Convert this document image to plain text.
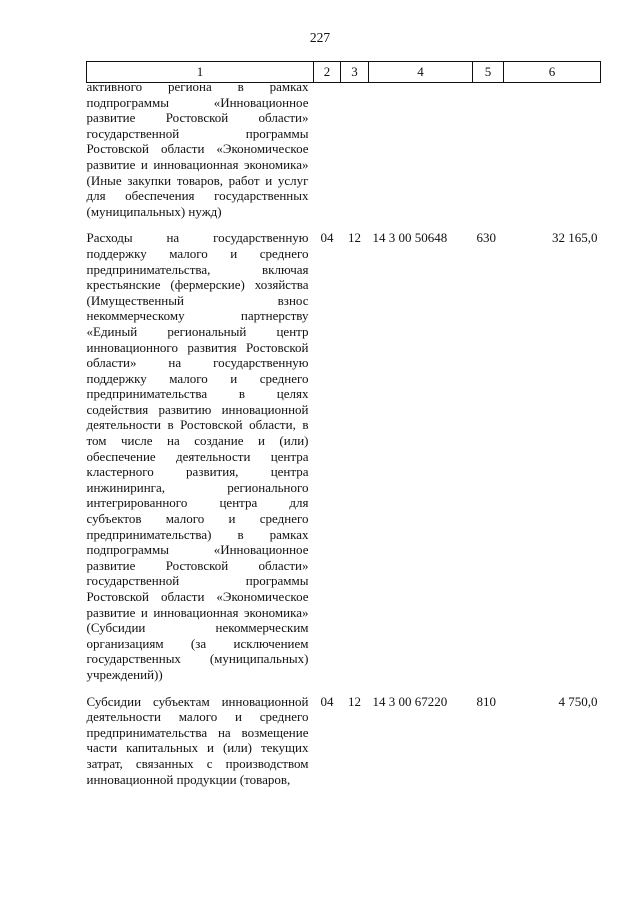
227
1	2	3	4	5	6

активного региона в рамках подпрограммы «Инновационное развитие Ростовской области» государственной программы Ростовской области «Экономическое развитие и инновационная экономика» (Иные закупки товаров, работ и услуг для обеспечения государственных (муниципальных) нужд)					

Расходы на государственную поддержку малого и среднего предпринимательства, включая крестьянские (фермерские) хозяйства (Имущественный взнос некоммерческому партнерству «Единый региональный центр инновационного развития Ростовской области» на государственную поддержку малого и среднего предпринимательства в целях содействия развитию инновационной деятельности в Ростовской области, в том числе на создание и (или) обеспечение деятельности центра кластерного развития, центра инжиниринга, регионального интегрированного центра для субъектов малого и среднего предпринимательства) в рамках подпрограммы «Инновационное развитие Ростовской области» государственной программы Ростовской области «Экономическое развитие и инновационная экономика» (Субсидии некоммерческим организациям (за исключением государственных (муниципальных) учреждений))	04	12	14 3 00 50648	630	32 165,0

Субсидии субъектам инновационной деятельности малого и среднего предпринимательства на возмещение части капитальных и (или) текущих затрат, связанных с производством инновационной продукции (товаров,	04	12	14 3 00 67220	810	4 750,0
